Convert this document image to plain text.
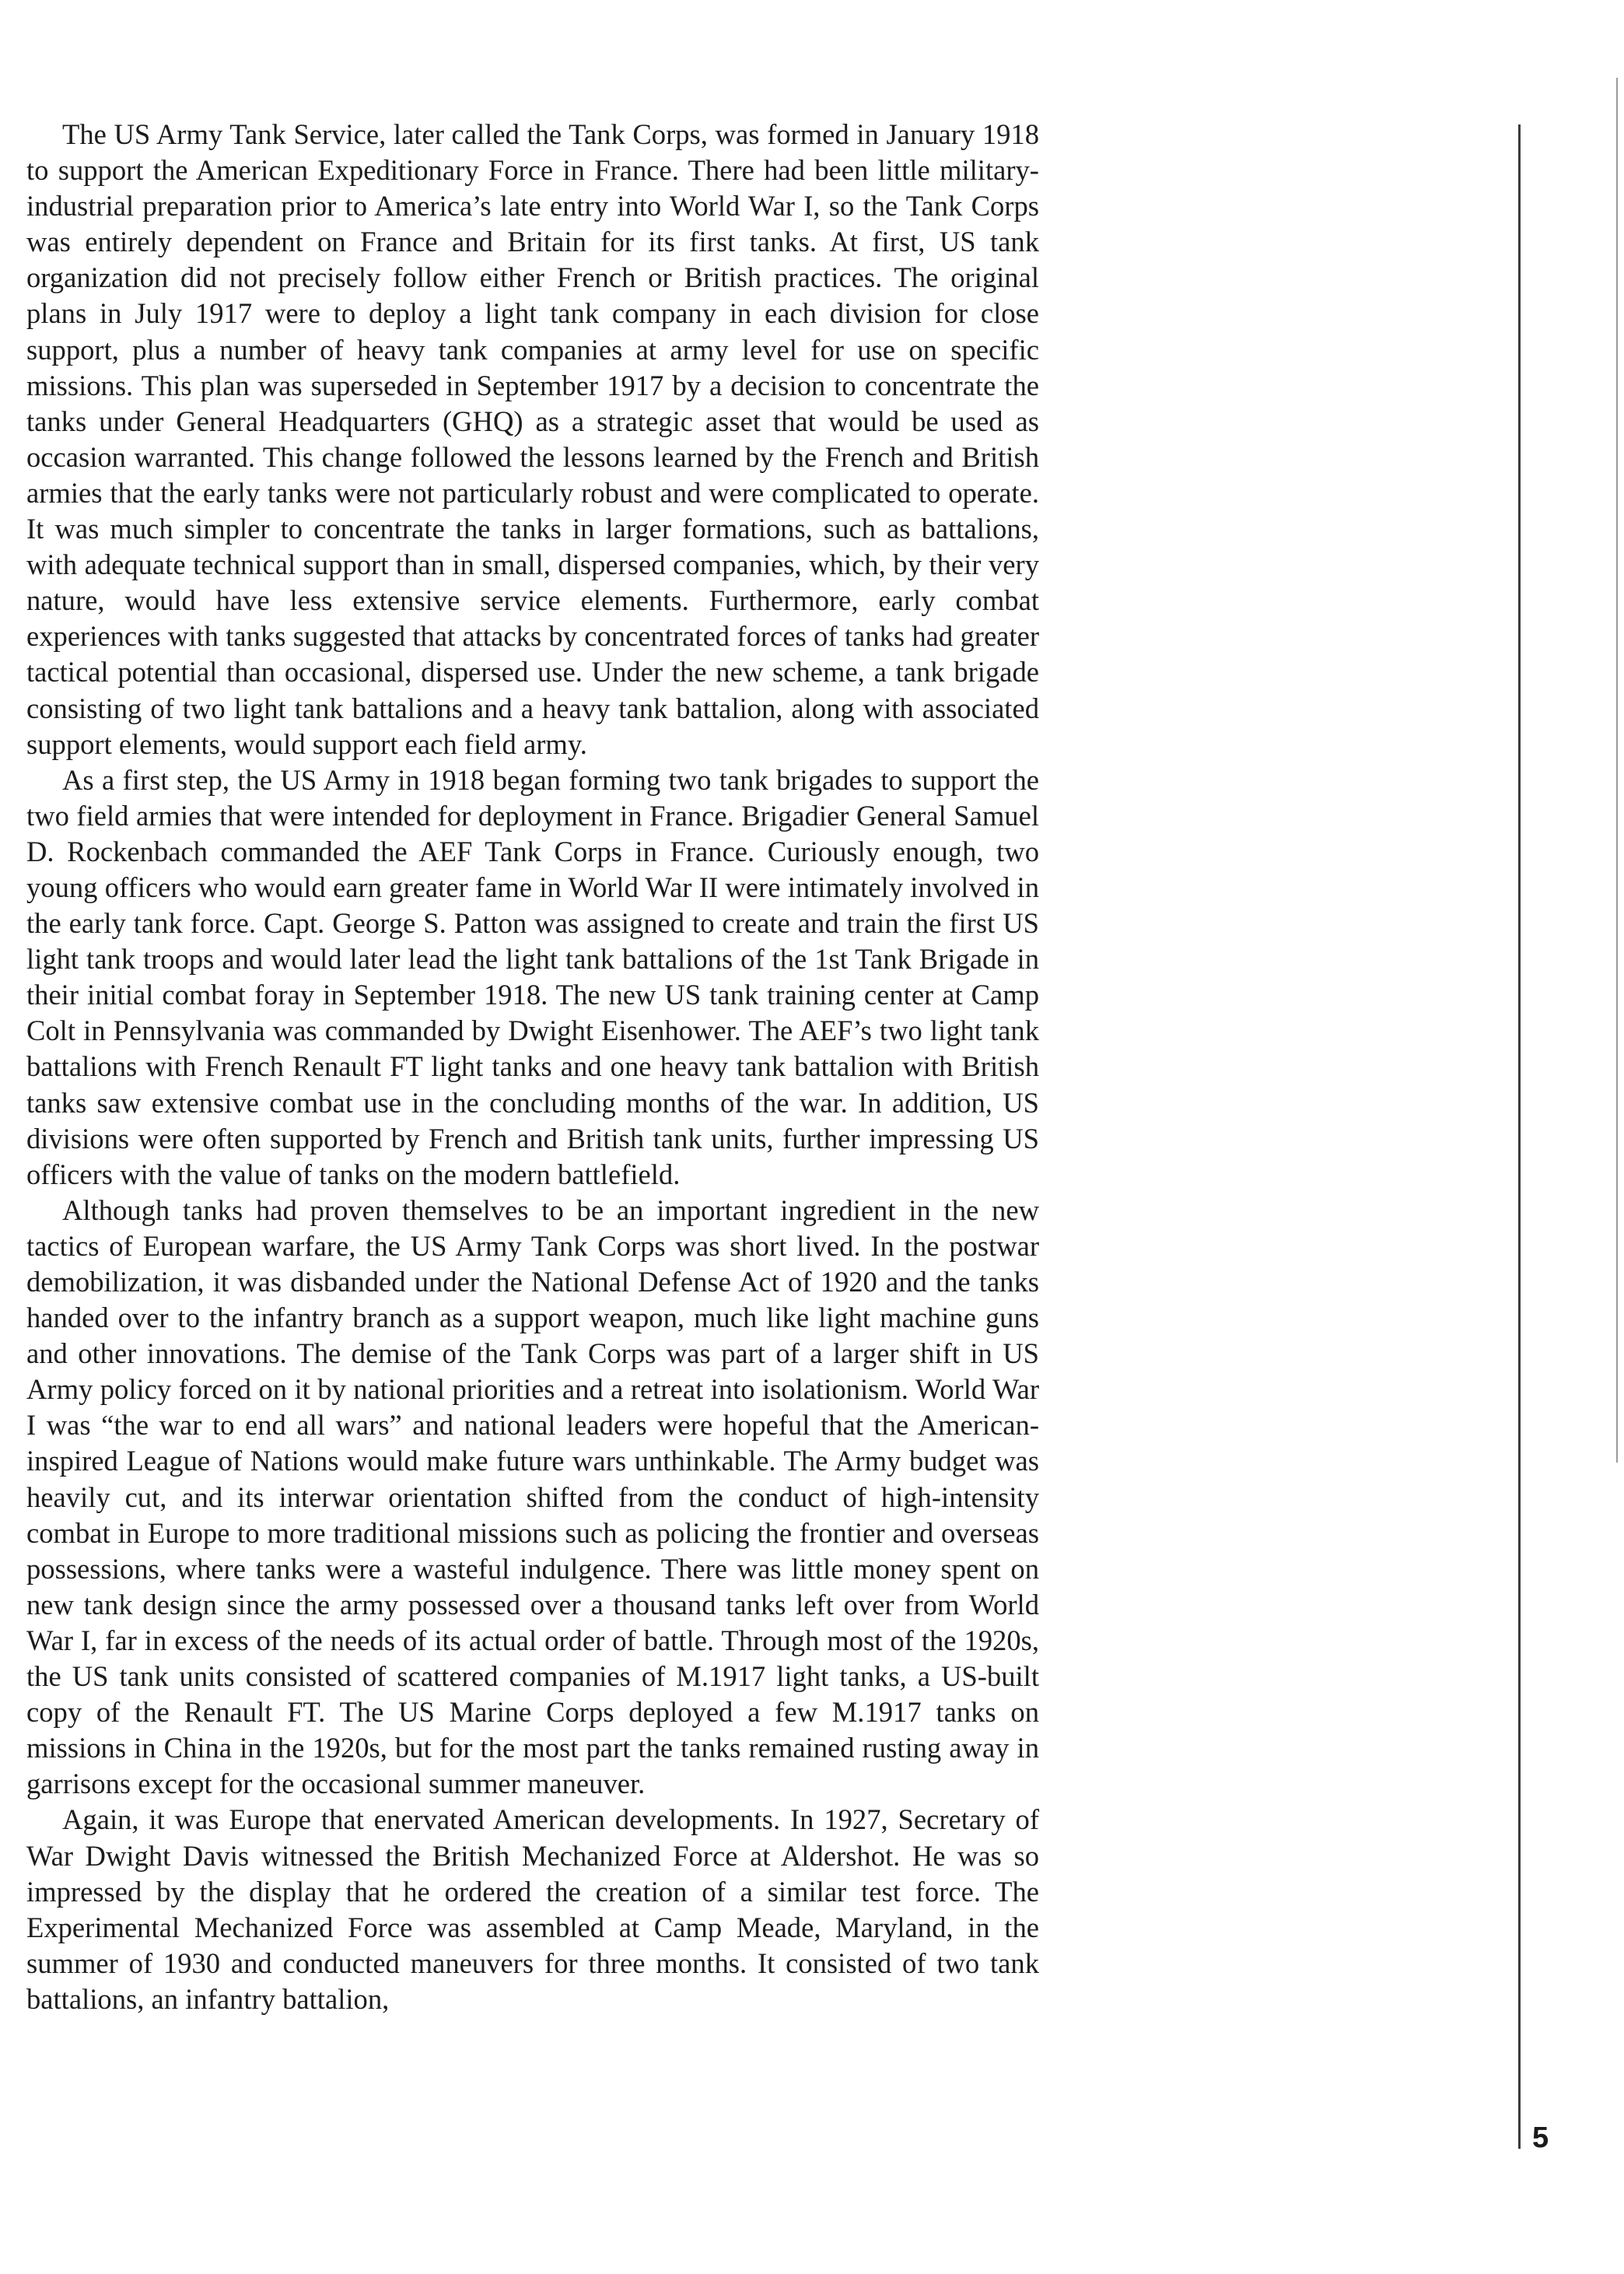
The US Army Tank Service, later called the Tank Corps, was formed in January 1918 to support the American Expeditionary Force in France. There had been little military-industrial preparation prior to America’s late entry into World War I, so the Tank Corps was entirely dependent on France and Britain for its first tanks. At first, US tank organization did not precisely follow either French or British practices. The original plans in July 1917 were to deploy a light tank company in each division for close support, plus a number of heavy tank companies at army level for use on specific missions. This plan was superseded in September 1917 by a decision to concentrate the tanks under General Headquarters (GHQ) as a strategic asset that would be used as occasion warranted. This change followed the lessons learned by the French and British armies that the early tanks were not particularly robust and were complicated to operate. It was much simpler to concentrate the tanks in larger formations, such as battalions, with adequate technical support than in small, dispersed companies, which, by their very nature, would have less extensive service elements. Furthermore, early combat experiences with tanks suggested that attacks by concentrated forces of tanks had greater tactical potential than occasional, dispersed use. Under the new scheme, a tank brigade consisting of two light tank battalions and a heavy tank battalion, along with associated support elements, would support each field army.

As a first step, the US Army in 1918 began forming two tank brigades to support the two field armies that were intended for deployment in France. Brigadier General Samuel D. Rockenbach commanded the AEF Tank Corps in France. Curiously enough, two young officers who would earn greater fame in World War II were intimately involved in the early tank force. Capt. George S. Patton was assigned to create and train the first US light tank troops and would later lead the light tank battalions of the 1st Tank Brigade in their initial combat foray in September 1918. The new US tank training center at Camp Colt in Pennsylvania was commanded by Dwight Eisenhower. The AEF’s two light tank battalions with French Renault FT light tanks and one heavy tank battalion with British tanks saw extensive combat use in the concluding months of the war. In addition, US divisions were often supported by French and British tank units, further impressing US officers with the value of tanks on the modern battlefield.

Although tanks had proven themselves to be an important ingredient in the new tactics of European warfare, the US Army Tank Corps was short lived. In the postwar demobilization, it was disbanded under the National Defense Act of 1920 and the tanks handed over to the infantry branch as a support weapon, much like light machine guns and other innovations. The demise of the Tank Corps was part of a larger shift in US Army policy forced on it by national priorities and a retreat into isolationism. World War I was “the war to end all wars” and national leaders were hopeful that the American-inspired League of Nations would make future wars unthinkable. The Army budget was heavily cut, and its interwar orientation shifted from the conduct of high-intensity combat in Europe to more traditional missions such as policing the frontier and overseas possessions, where tanks were a wasteful indulgence. There was little money spent on new tank design since the army possessed over a thousand tanks left over from World War I, far in excess of the needs of its actual order of battle. Through most of the 1920s, the US tank units consisted of scattered companies of M.1917 light tanks, a US-built copy of the Renault FT. The US Marine Corps deployed a few M.1917 tanks on missions in China in the 1920s, but for the most part the tanks remained rusting away in garrisons except for the occasional summer maneuver.

Again, it was Europe that enervated American developments. In 1927, Secretary of War Dwight Davis witnessed the British Mechanized Force at Aldershot. He was so impressed by the display that he ordered the creation of a similar test force. The Experimental Mechanized Force was assembled at Camp Meade, Maryland, in the summer of 1930 and conducted maneuvers for three months. It consisted of two tank battalions, an infantry battalion,

5
